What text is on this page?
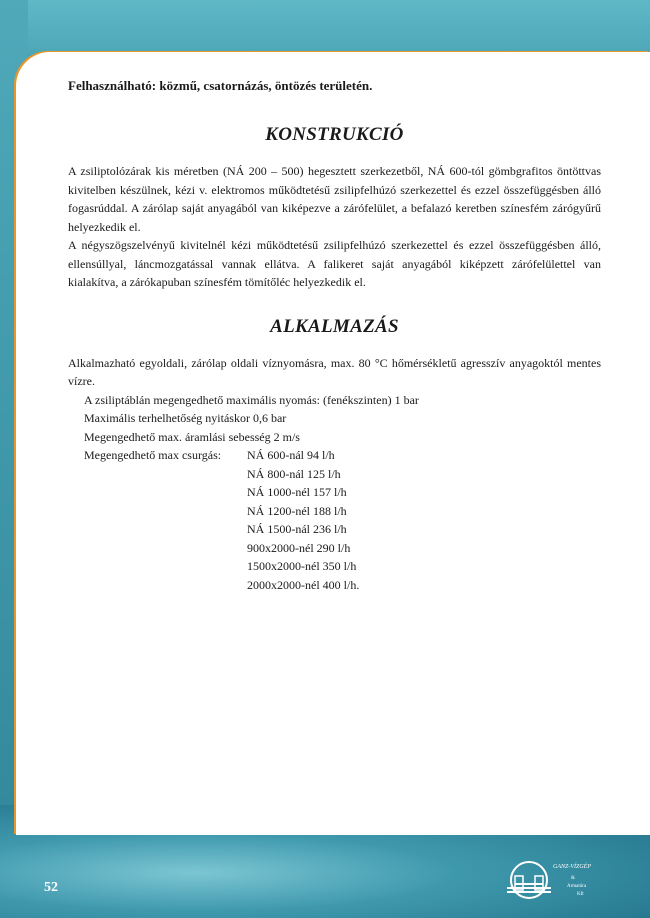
Felhasználható: közmű, csatornázás, öntözés területén.

KONSTRUKCIÓ

A zsiliptolózárak kis méretben (NÁ 200 – 500) hegesztett szerkezetből, NÁ 600-tól gömbgrafitos öntöttvas kivitelben készülnek, kézi v. elektromos működtetésű zsilipfelhúzó szerkezettel és ezzel összefüggésben álló fogasrúddal. A zárólap saját anyagából van kiképezve a zárófelület, a befalazó keretben színesfém zárógyűrű helyezkedik el.

A négyszögszelvényű kivitelnél kézi működtetésű zsilipfelhúzó szerkezettel és ezzel összefüggésben álló, ellensúllyal, láncmozgatással vannak ellátva. A falikeret saját anyagából kiképzett zárófelülettel van kialakítva, a zárókapuban színesfém tömítőléc helyezkedik el.

ALKALMAZÁS

Alkalmazható egyoldali, zárólap oldali víznyomásra, max. 80 °C hőmérsékletű agresszív anyagoktól mentes vízre.

A zsiliptáblán megengedhető maximális nyomás: (fenékszinten) 1 bar

Maximális terhelhetőség nyitáskor 0,6 bar

Megengedhető max. áramlási sebesség 2 m/s

Megengedhető max csurgás:	NÁ 600-nál 94 l/h
NÁ 800-nál 125 l/h
NÁ 1000-nél 157 l/h
NÁ 1200-nél 188 l/h
NÁ 1500-nál 236 l/h
900x2000-nél 290 l/h
1500x2000-nél 350 l/h
2000x2000-nél 400 l/h.
52
GANZ-VÍZGÉP
&
Armatúra
Kft
